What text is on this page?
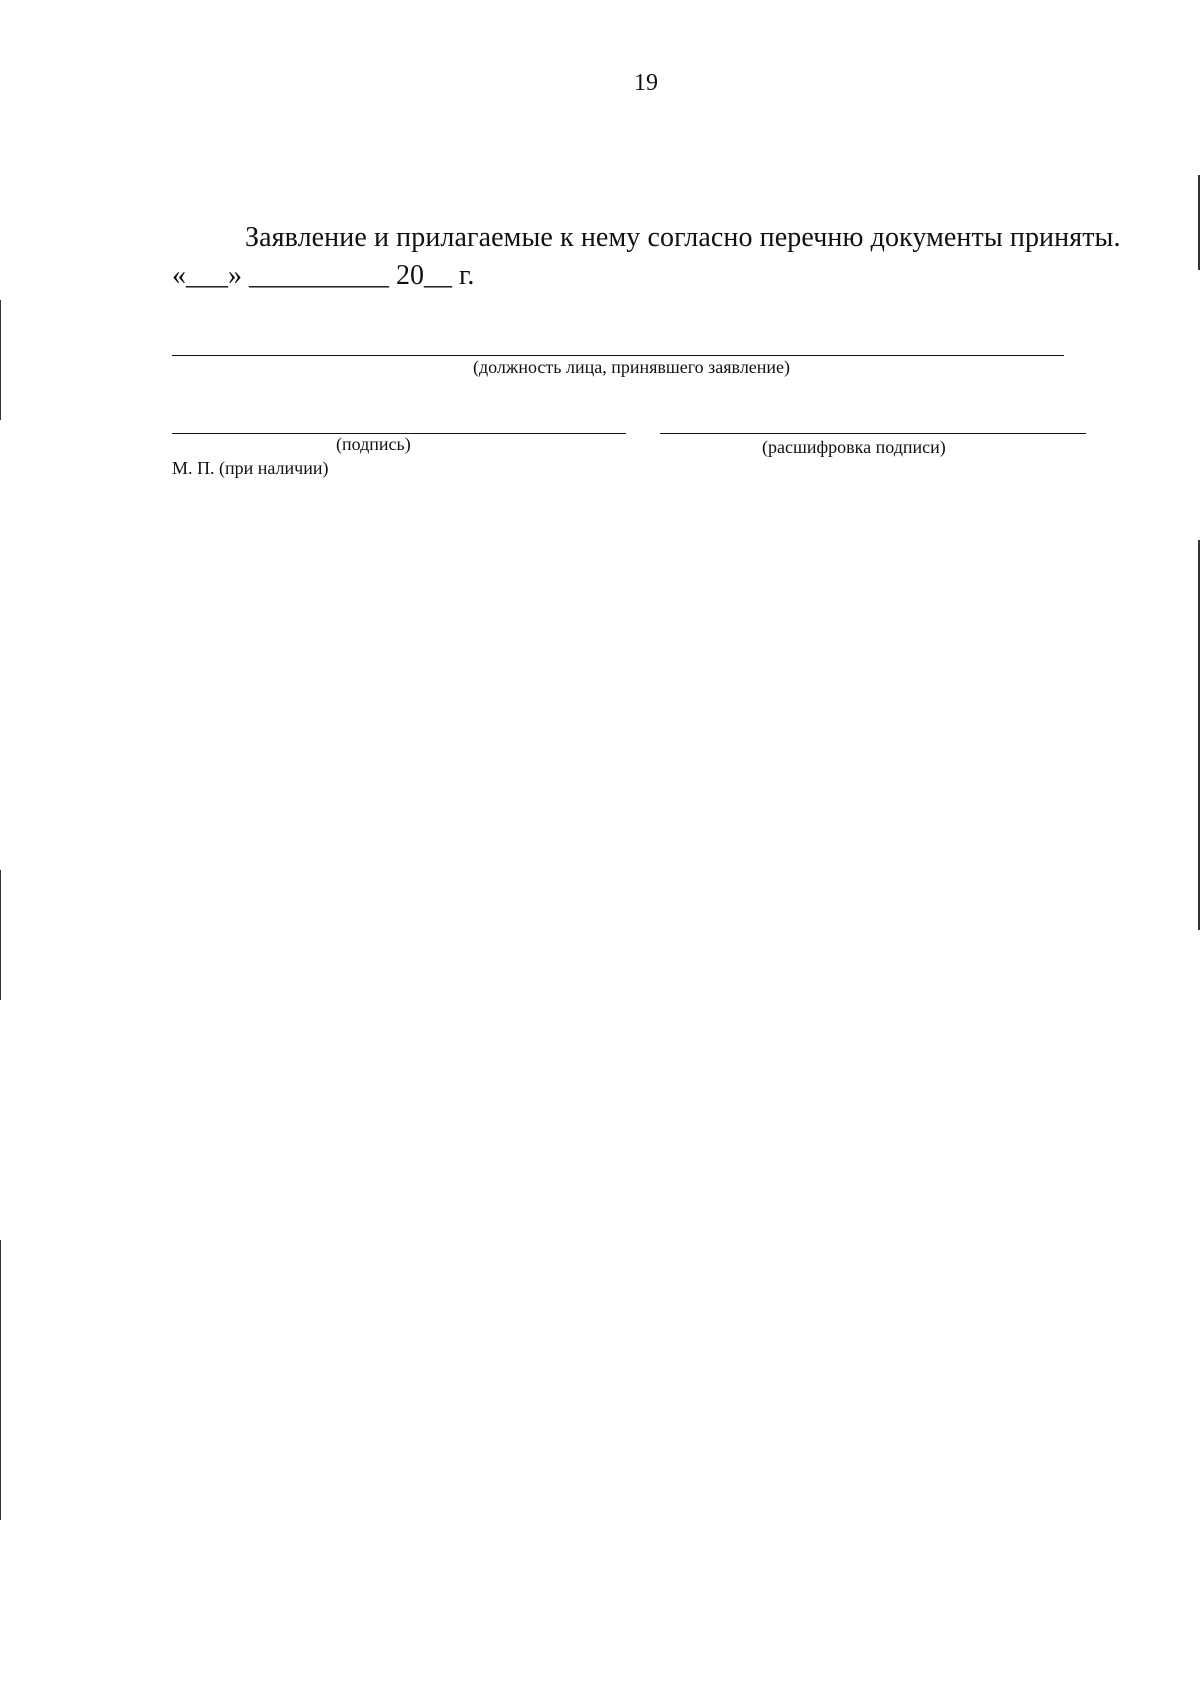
19
Заявление и прилагаемые к нему согласно перечню документы приняты.
«___» __________ 20__ г.
(должность лица, принявшего заявление)
(подпись)	(расшифровка подписи)
М. П. (при наличии)
